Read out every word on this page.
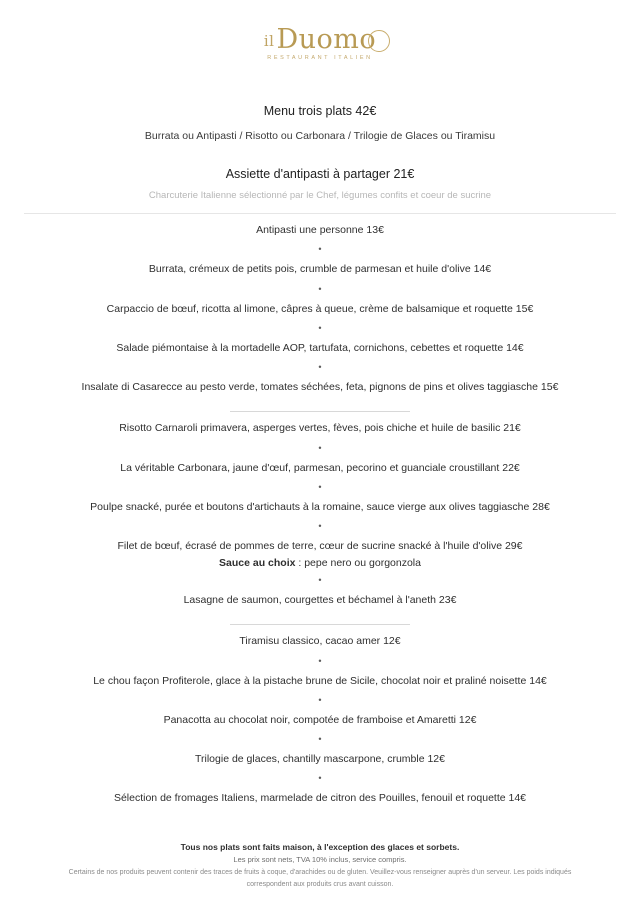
ilDuomo
RESTAURANT ITALIEN
Menu trois plats 42€
Burrata ou Antipasti / Risotto ou Carbonara / Trilogie de Glaces ou Tiramisu
Assiette d'antipasti à partager 21€
Charcuterie Italienne sélectionné par le Chef, légumes confits et coeur de sucrine
Antipasti une personne 13€
•
Burrata, crémeux de petits pois, crumble de parmesan et huile d'olive 14€
•
Carpaccio de bœuf, ricotta al limone, câpres à queue, crème de balsamique et roquette 15€
•
Salade piémontaise à la mortadelle AOP, tartufata, cornichons, cebettes et roquette 14€
•
Insalate di Casarecce au pesto verde, tomates séchées, feta, pignons de pins et olives taggiasche 15€
Risotto Carnaroli primavera, asperges vertes, fèves, pois chiche et huile de basilic 21€
•
La véritable Carbonara, jaune d'œuf, parmesan, pecorino et guanciale croustillant 22€
•
Poulpe snacké, purée et boutons d'artichauts à la romaine, sauce vierge aux olives taggiasche 28€
•
Filet de bœuf, écrasé de pommes de terre, cœur de sucrine snacké à l'huile d'olive 29€
Sauce au choix : pepe nero ou gorgonzola
•
Lasagne de saumon, courgettes et béchamel à l'aneth 23€
Tiramisu classico, cacao amer 12€
•
Le chou façon Profiterole, glace à la pistache brune de Sicile, chocolat noir et praliné noisette 14€
•
Panacotta au chocolat noir, compotée de framboise et Amaretti 12€
•
Trilogie de glaces, chantilly mascarpone, crumble 12€
•
Sélection de fromages Italiens, marmelade de citron des Pouilles, fenouil et roquette 14€
Tous nos plats sont faits maison, à l'exception des glaces et sorbets.
Les prix sont nets, TVA 10% inclus, service compris.
Certains de nos produits peuvent contenir des traces de fruits à coque, d'arachides ou de gluten. Veuillez-vous renseigner auprès d'un serveur. Les poids indiqués
correspondent aux produits crus avant cuisson.
